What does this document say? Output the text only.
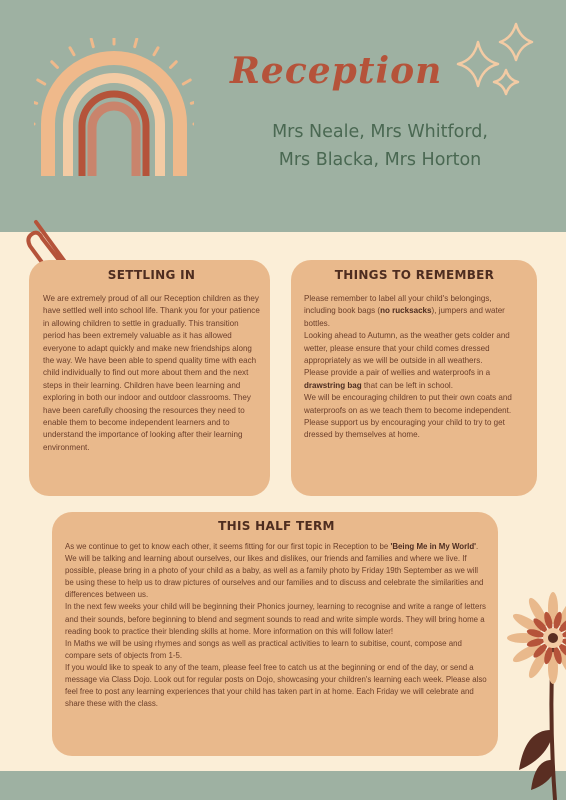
Reception
Mrs Neale, Mrs Whitford,
Mrs Blacka, Mrs Horton
SETTLING IN

We are extremely proud of all our Reception children as they have settled well into school life. Thank you for your patience in allowing children to settle in gradually. This transition period has been extremely valuable as it has allowed everyone to adapt quickly and make new friendships along the way. We have been able to spend quality time with each child individually to find out more about them and the next steps in their learning. Children have been learning and exploring in both our indoor and outdoor classrooms. They have been carefully choosing the resources they need to enable them to become independent learners and to understand the importance of looking after their learning environment.

THINGS TO REMEMBER

Please remember to label all your child's belongings, including book bags (no rucksacks), jumpers and water bottles.

Looking ahead to Autumn, as the weather gets colder and wetter, please ensure that your child comes dressed appropriately as we will be outside in all weathers.

Please provide a pair of wellies and waterproofs in a drawstring bag that can be left in school.

We will be encouraging children to put their own coats and waterproofs on as we teach them to become independent. Please support us by encouraging your child to try to get dressed by themselves at home.

THIS HALF TERM

As we continue to get to know each other, it seems fitting for our first topic in Reception to be 'Being Me in My World'. We will be talking and learning about ourselves, our likes and dislikes, our friends and families and where we live. If possible, please bring in a photo of your child as a baby, as well as a family photo by Friday 19th September as we will be using these to help us to draw pictures of ourselves and our families and to discuss and celebrate the similarities and differences between us.

In the next few weeks your child will be beginning their Phonics journey, learning to recognise and write a range of letters and their sounds, before beginning to blend and segment sounds to read and write simple words. They will bring home a reading book to practice their blending skills at home. More information on this will follow later!

In Maths we will be using rhymes and songs as well as practical activities to learn to subitise, count, compose and compare sets of objects from 1-5.

If you would like to speak to any of the team, please feel free to catch us at the beginning or end of the day, or send a message via Class Dojo. Look out for regular posts on Dojo, showcasing your children's learning each week. Please also feel free to post any learning experiences that your child has taken part in at home. Each Friday we will celebrate and share these with the class.
